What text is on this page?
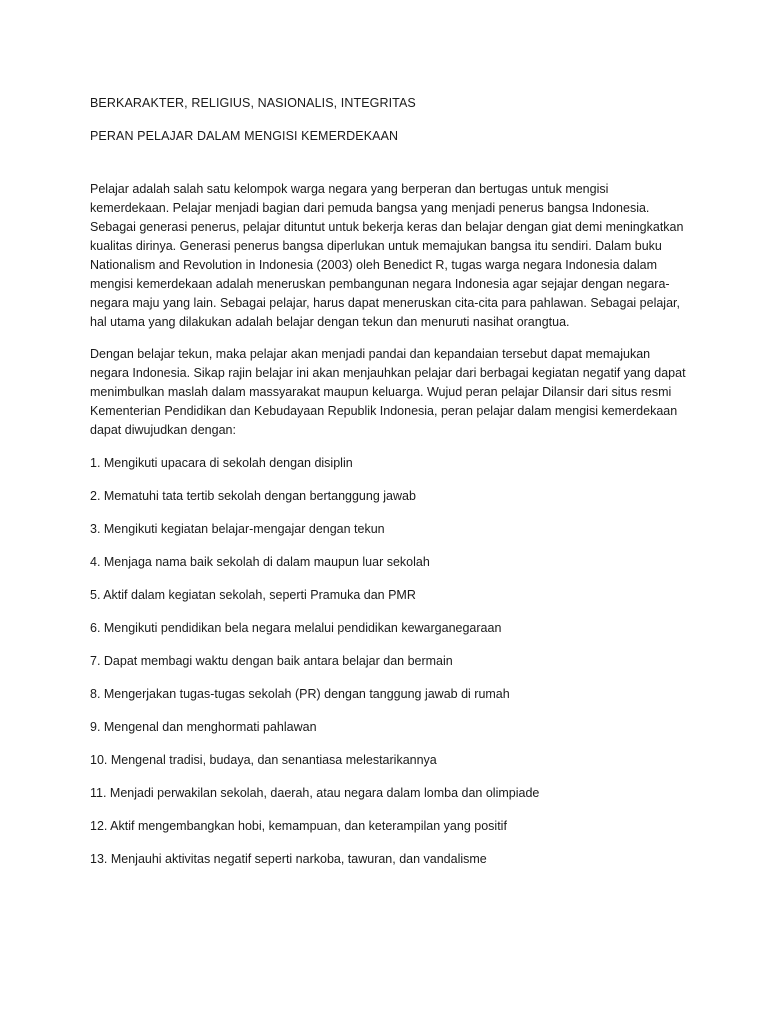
BERKARAKTER, RELIGIUS, NASIONALIS, INTEGRITAS

PERAN PELAJAR DALAM MENGISI KEMERDEKAAN

Pelajar adalah salah satu kelompok warga negara yang berperan dan bertugas untuk mengisi kemerdekaan. Pelajar menjadi bagian dari pemuda bangsa yang menjadi penerus bangsa Indonesia. Sebagai generasi penerus, pelajar dituntut untuk bekerja keras dan belajar dengan giat demi meningkatkan kualitas dirinya. Generasi penerus bangsa diperlukan untuk memajukan bangsa itu sendiri. Dalam buku Nationalism and Revolution in Indonesia (2003) oleh Benedict R, tugas warga negara Indonesia dalam mengisi kemerdekaan adalah meneruskan pembangunan negara Indonesia agar sejajar dengan negara-negara maju yang lain. Sebagai pelajar, harus dapat meneruskan cita-cita para pahlawan. Sebagai pelajar, hal utama yang dilakukan adalah belajar dengan tekun dan menuruti nasihat orangtua.

Dengan belajar tekun, maka pelajar akan menjadi pandai dan kepandaian tersebut dapat memajukan negara Indonesia. Sikap rajin belajar ini akan menjauhkan pelajar dari berbagai kegiatan negatif yang dapat menimbulkan maslah dalam massyarakat maupun keluarga. Wujud peran pelajar Dilansir dari situs resmi Kementerian Pendidikan dan Kebudayaan Republik Indonesia, peran pelajar dalam mengisi kemerdekaan dapat diwujudkan dengan:

1. Mengikuti upacara di sekolah dengan disiplin
2. Mematuhi tata tertib sekolah dengan bertanggung jawab
3. Mengikuti kegiatan belajar-mengajar dengan tekun
4. Menjaga nama baik sekolah di dalam maupun luar sekolah
5. Aktif dalam kegiatan sekolah, seperti Pramuka dan PMR
6. Mengikuti pendidikan bela negara melalui pendidikan kewarganegaraan
7. Dapat membagi waktu dengan baik antara belajar dan bermain
8. Mengerjakan tugas-tugas sekolah (PR) dengan tanggung jawab di rumah
9. Mengenal dan menghormati pahlawan
10. Mengenal tradisi, budaya, dan senantiasa melestarikannya
11. Menjadi perwakilan sekolah, daerah, atau negara dalam lomba dan olimpiade
12. Aktif mengembangkan hobi, kemampuan, dan keterampilan yang positif
13. Menjauhi aktivitas negatif seperti narkoba, tawuran, dan vandalisme
